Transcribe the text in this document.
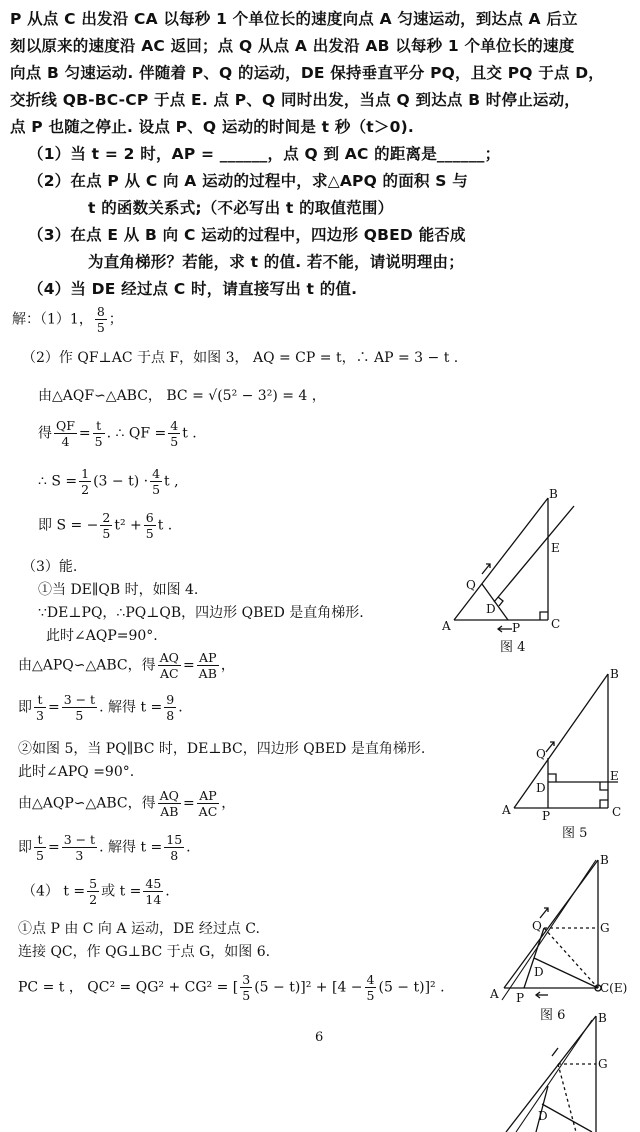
P 从点 C 出发沿 CA 以每秒 1 个单位长的速度向点 A 匀速运动，到达点 A 后立

刻以原来的速度沿 AC 返回；点 Q 从点 A 出发沿 AB 以每秒 1 个单位长的速度

向点 B 匀速运动. 伴随着 P、Q 的运动，DE 保持垂直平分 PQ，且交 PQ 于点 D，

交折线 QB-BC-CP 于点 E. 点 P、Q 同时出发，当点 Q 到达点 B 时停止运动，

点 P 也随之停止. 设点 P、Q 运动的时间是 t 秒（t＞0).

（1）当 t = 2 时，AP = ______，点 Q 到 AC 的距离是______；

（2）在点 P 从 C 向 A 运动的过程中，求△APQ 的面积 S 与

t 的函数关系式;（不必写出 t 的取值范围）

（3）在点 E 从 B 向 C 运动的过程中，四边形 QBED 能否成

为直角梯形？若能，求 t 的值. 若不能，请说明理由；

（4）当 DE 经过点 C 时，请直接写出 t 的值.

解：（1）1， $\frac{8}{5}$ ；
（2）作 QF⊥AC 于点 F，如图 3， AQ = CP = t，∴ AP = 3 − t .
由△AQF∽△ABC， BC = √(5² − 3²) = 4 ，
得 $\frac{QF}{4} = \frac{t}{5}$ . ∴ QF = $\frac{4}{5}$ t .
∴ $S = \frac{1}{2} (3 - t) \cdot \frac{4}{5}$ t ,
即 S = − $\frac{2}{5} t^2 + \frac{6}{5}$ t .
（3）能.
①当 DE∥QB 时，如图 4.
∵DE⊥PQ，∴PQ⊥QB，四边形 QBED 是直角梯形.
此时∠AQP=90°.
由△APQ∽△ABC，得 $\frac{AQ}{AC} = \frac{AP}{AB}$ ，
即 $\frac{t}{3} = \frac{3 - t}{5}$ . 解得 $t = \frac{9}{8}$ .
②如图 5，当 PQ∥BC 时，DE⊥BC，四边形 QBED 是直角梯形.
此时∠APQ =90°.
由△AQP∽△ABC，得 $\frac{AQ}{AB} = \frac{AP}{AC}$ ，
即 $\frac{t}{5} = \frac{3 - t}{3}$ . 解得 $t = \frac{15}{8}$ .
（4） $t = \frac{5}{2}$ 或 $t = \frac{45}{14}$ .
①点 P 由 C 向 A 运动，DE 经过点 C.
连接 QC，作 QG⊥BC 于点 G，如图 6.
PC = t ， QC² = QG² + CG² = [ $\frac{3}{5} (5 - t)]^2 + [4 - \frac{4}{5} (5 - t)]^2$ .
B
E
Q
D
A	C
P
图 4
B
E
Q
D
A	C
P
图 5
B
G
Q
D
A P
C(E)
图 6	B
G
D
6
